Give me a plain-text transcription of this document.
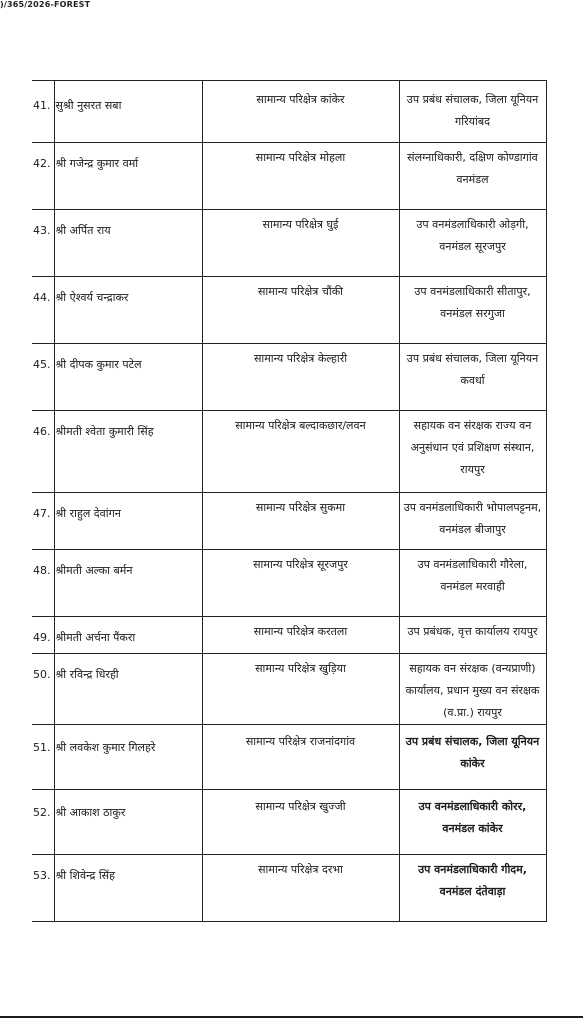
)/365/2026-FOREST
41.	सुश्री नुसरत सबा	सामान्य परिक्षेत्र कांकेर	उप प्रबंध संचालक, जिला यूनियन गरियांबद
42.	श्री गजेन्द्र कुमार वर्मा	सामान्य परिक्षेत्र मोहला	संलग्नाधिकारी, दक्षिण कोण्डागांव वनमंडल
43.	श्री अर्पित राय	सामान्य परिक्षेत्र घुई	उप वनमंडलाधिकारी ओड़गी, वनमंडल सूरजपुर
44.	श्री ऐश्वर्य चन्द्राकर	सामान्य परिक्षेत्र चौंकी	उप वनमंडलाधिकारी सीतापुर, वनमंडल सरगुजा
45.	श्री दीपक कुमार पटेल	सामान्य परिक्षेत्र केल्हारी	उप प्रबंध संचालक, जिला यूनियन कवर्धा
46.	श्रीमती श्वेता कुमारी सिंह	सामान्य परिक्षेत्र बल्दाकछार/लवन	सहायक वन संरक्षक राज्य वन अनुसंधान एवं प्रशिक्षण संस्थान, रायपुर
47.	श्री राहुल देवांगन	सामान्य परिक्षेत्र सुकमा	उप वनमंडलाधिकारी भोपालपट्टनम, वनमंडल बीजापुर
48.	श्रीमती अल्का बर्मन	सामान्य परिक्षेत्र सूरजपुर	उप वनमंडलाधिकारी गौरेला, वनमंडल मरवाही
49.	श्रीमती अर्चना पैंकरा	सामान्य परिक्षेत्र करतला	उप प्रबंधक, वृत्त कार्यालय रायपुर
50.	श्री रविन्द्र धिरही	सामान्य परिक्षेत्र खुड़िया	सहायक वन संरक्षक (वन्यप्राणी) कार्यालय, प्रधान मुख्य वन संरक्षक (व.प्रा.) रायपुर
51.	श्री लवकेश कुमार गिलहरे	सामान्य परिक्षेत्र राजनांदगांव	उप प्रबंध संचालक, जिला यूनियन कांकेर
52.	श्री आकाश ठाकुर	सामान्य परिक्षेत्र खुज्जी	उप वनमंडलाधिकारी कोरर, वनमंडल कांकेर
53.	श्री शिवेन्द्र सिंह	सामान्य परिक्षेत्र दरभा	उप वनमंडलाधिकारी गीदम, वनमंडल दंतेवाड़ा
